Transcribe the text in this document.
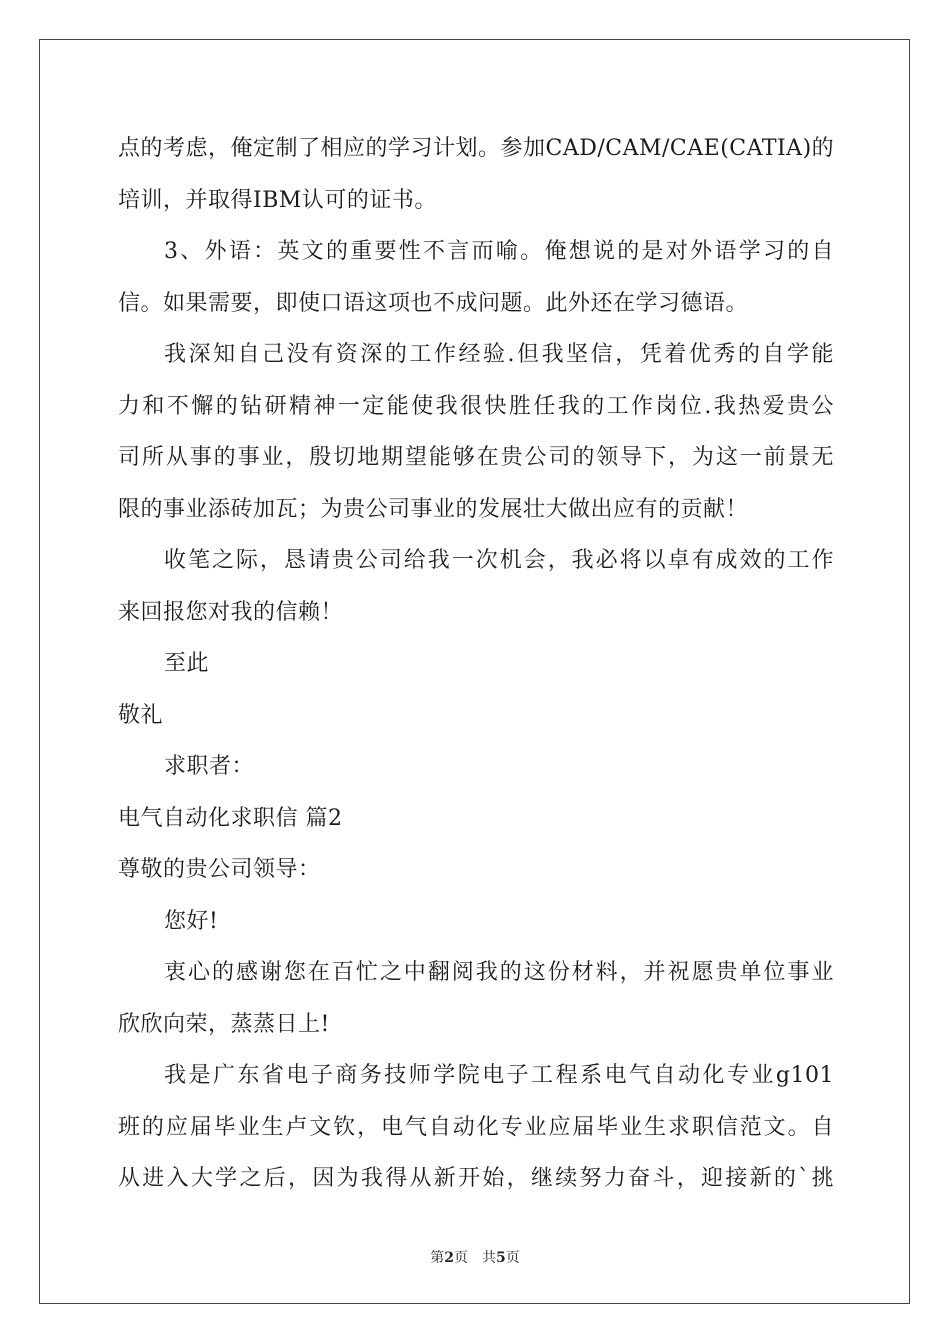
点的考虑，俺定制了相应的学习计划。参加CAD/CAM/CAE(CATIA)的
培训，并取得IBM认可的证书。
3、外语：英文的重要性不言而喻。俺想说的是对外语学习的自
信。如果需要，即使口语这项也不成问题。此外还在学习德语。
我深知自己没有资深的工作经验.但我坚信，凭着优秀的自学能
力和不懈的钻研精神一定能使我很快胜任我的工作岗位.我热爱贵公
司所从事的事业，殷切地期望能够在贵公司的领导下，为这一前景无
限的事业添砖加瓦；为贵公司事业的发展壮大做出应有的贡献！
收笔之际，恳请贵公司给我一次机会，我必将以卓有成效的工作
来回报您对我的信赖！
至此
敬礼
求职者：
电气自动化求职信 篇2
尊敬的贵公司领导：
您好!
衷心的感谢您在百忙之中翻阅我的这份材料，并祝愿贵单位事业
欣欣向荣，蒸蒸日上!
我是广东省电子商务技师学院电子工程系电气自动化专业g101
班的应届毕业生卢文钦，电气自动化专业应届毕业生求职信范文。自
从进入大学之后，因为我得从新开始，继续努力奋斗，迎接新的`挑
第2页 共5页
